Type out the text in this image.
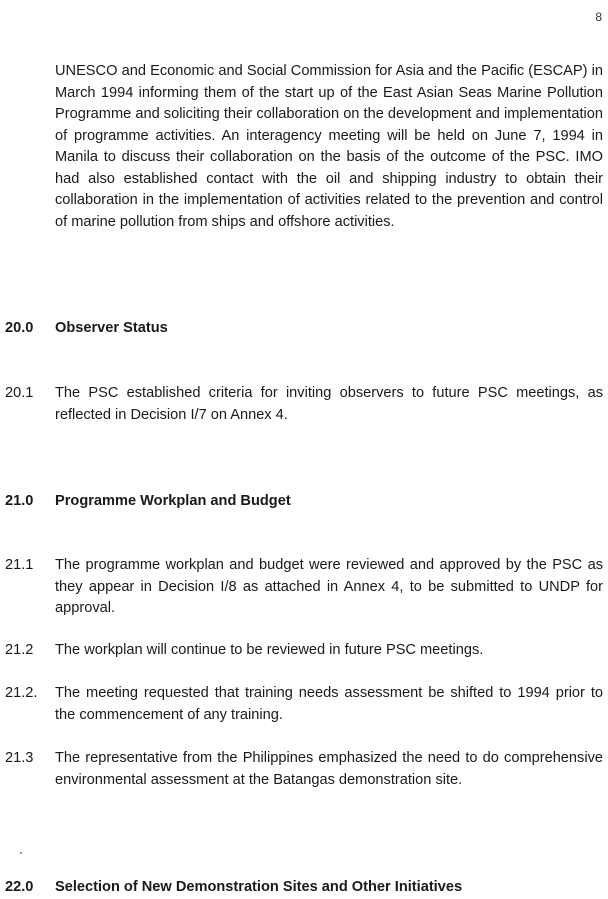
8
UNESCO and Economic and Social Commission for Asia and the Pacific (ESCAP) in March 1994 informing them of the start up of the East Asian Seas Marine Pollution Programme and soliciting their collaboration on the development and implementation of programme activities. An interagency meeting will be held on June 7, 1994 in Manila to discuss their collaboration on the basis of the outcome of the PSC. IMO had also established contact with the oil and shipping industry to obtain their collaboration in the implementation of activities related to the prevention and control of marine pollution from ships and offshore activities.
20.0 Observer Status
20.1 The PSC established criteria for inviting observers to future PSC meetings, as reflected in Decision I/7 on Annex 4.
21.0 Programme Workplan and Budget
21.1 The programme workplan and budget were reviewed and approved by the PSC as they appear in Decision I/8 as attached in Annex 4, to be submitted to UNDP for approval.
21.2 The workplan will continue to be reviewed in future PSC meetings.
21.2. The meeting requested that training needs assessment be shifted to 1994 prior to the commencement of any training.
21.3 The representative from the Philippines emphasized the need to do comprehensive environmental assessment at the Batangas demonstration site.
22.0 Selection of New Demonstration Sites and Other Initiatives
